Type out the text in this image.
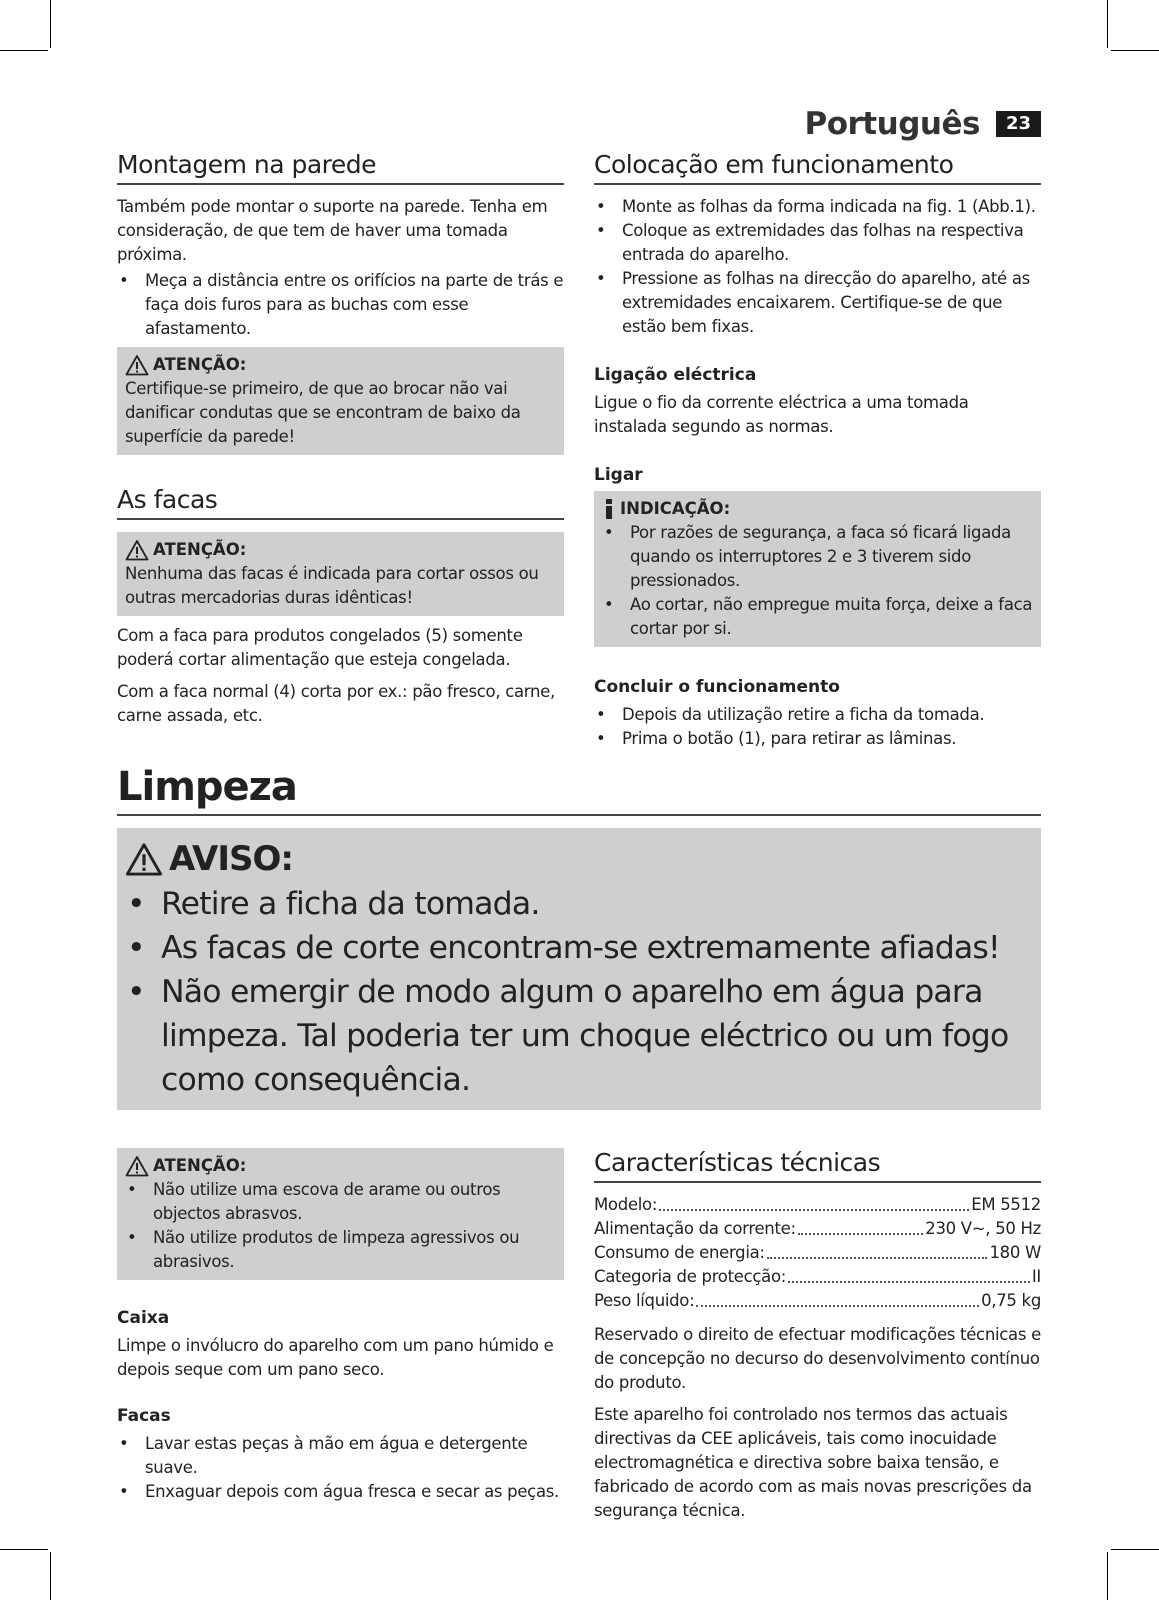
Português	23
Montagem na parede

Também pode montar o suporte na parede. Tenha em consideração, de que tem de haver uma tomada próxima.

• Meça a distância entre os orifícios na parte de trás e faça dois furos para as buchas com esse afastamento.
ATENÇÃO:

Certifique-se primeiro, de que ao brocar não vai danificar condutas que se encontram de baixo da superfície da parede!

As facas
ATENÇÃO:

Nenhuma das facas é indicada para cortar ossos ou outras mercadorias duras idênticas!

Com a faca para produtos congelados (5) somente poderá cortar alimentação que esteja congelada.

Com a faca normal (4) corta por ex.: pão fresco, carne, carne assada, etc.

Colocação em funcionamento
• Monte as folhas da forma indicada na fig. 1 (Abb.1).
• Coloque as extremidades das folhas na respectiva entrada do aparelho.
• Pressione as folhas na direcção do aparelho, até as extremidades encaixarem. Certifique-se de que estão bem fixas.
Ligação eléctrica

Ligue o fio da corrente eléctrica a uma tomada instalada segundo as normas.

Ligar
INDICAÇÃO:
• Por razões de segurança, a faca só ficará ligada quando os interruptores 2 e 3 tiverem sido pressionados.
• Ao cortar, não empregue muita força, deixe a faca cortar por si.
Concluir o funcionamento
• Depois da utilização retire a ficha da tomada.
• Prima o botão (1), para retirar as lâminas.
Limpeza
AVISO:
• Retire a ficha da tomada.
• As facas de corte encontram-se extremamente afiadas!
• Não emergir de modo algum o aparelho em água para limpeza. Tal poderia ter um choque eléctrico ou um fogo como consequência.
ATENÇÃO:
• Não utilize uma escova de arame ou outros objectos abrasvos.
• Não utilize produtos de limpeza agressivos ou abrasivos.
Caixa

Limpe o invólucro do aparelho com um pano húmido e depois seque com um pano seco.

Facas
• Lavar estas peças à mão em água e detergente suave.
• Enxaguar depois com água fresca e secar as peças.
Características técnicas
Modelo:	EM 5512
Alimentação da corrente:	230 V~, 50 Hz
Consumo de energia:	180 W
Categoria de protecção:	II
Peso líquido:	0,75 kg

Reservado o direito de efectuar modificações técnicas e de concepção no decurso do desenvolvimento contínuo do produto.

Este aparelho foi controlado nos termos das actuais directivas da CEE aplicáveis, tais como inocuidade electromagnética e directiva sobre baixa tensão, e fabricado de acordo com as mais novas prescrições da segurança técnica.
